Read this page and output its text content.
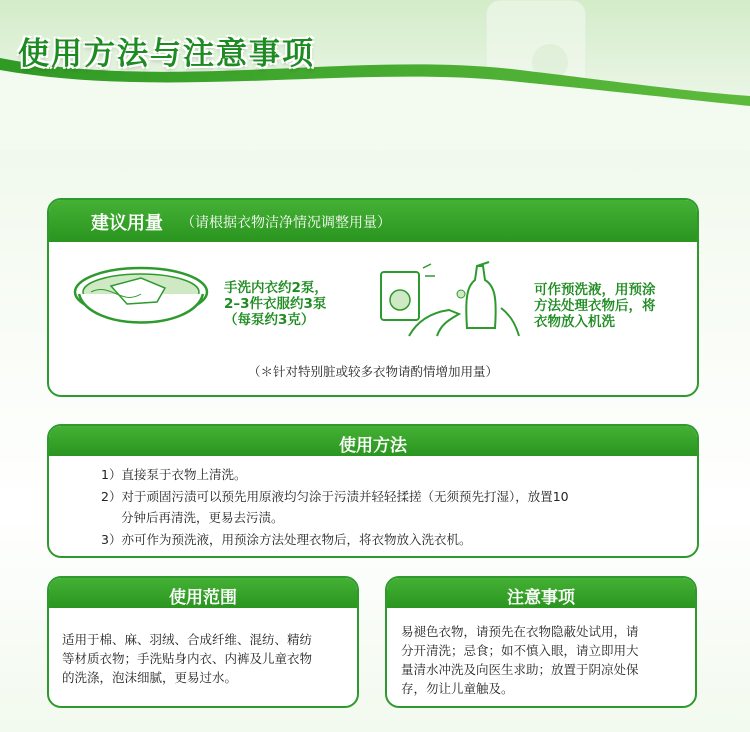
使用方法与注意事项
建议用量 （请根据衣物洁净情况调整用量）

手洗内衣约2泵，

2–3件衣服约3泵

（每泵约3克）

可作预洗液，用预涂

方法处理衣物后，将

衣物放入机洗

（＊针对特别脏或较多衣物请酌情增加用量）
使用方法

1）直接泵于衣物上清洗。

2）对于顽固污渍可以预先用原液均匀涂于污渍并轻轻揉搓（无须预先打湿），放置10

分钟后再清洗，更易去污渍。

3）亦可作为预洗液，用预涂方法处理衣物后，将衣物放入洗衣机。

使用范围

适用于棉、麻、羽绒、合成纤维、混纺、精纺

等材质衣物；手洗贴身内衣、内裤及儿童衣物

的洗涤，泡沫细腻，更易过水。

注意事项

易褪色衣物，请预先在衣物隐蔽处试用，请

分开清洗；忌食；如不慎入眼，请立即用大

量清水冲洗及向医生求助；放置于阴凉处保

存，勿让儿童触及。
